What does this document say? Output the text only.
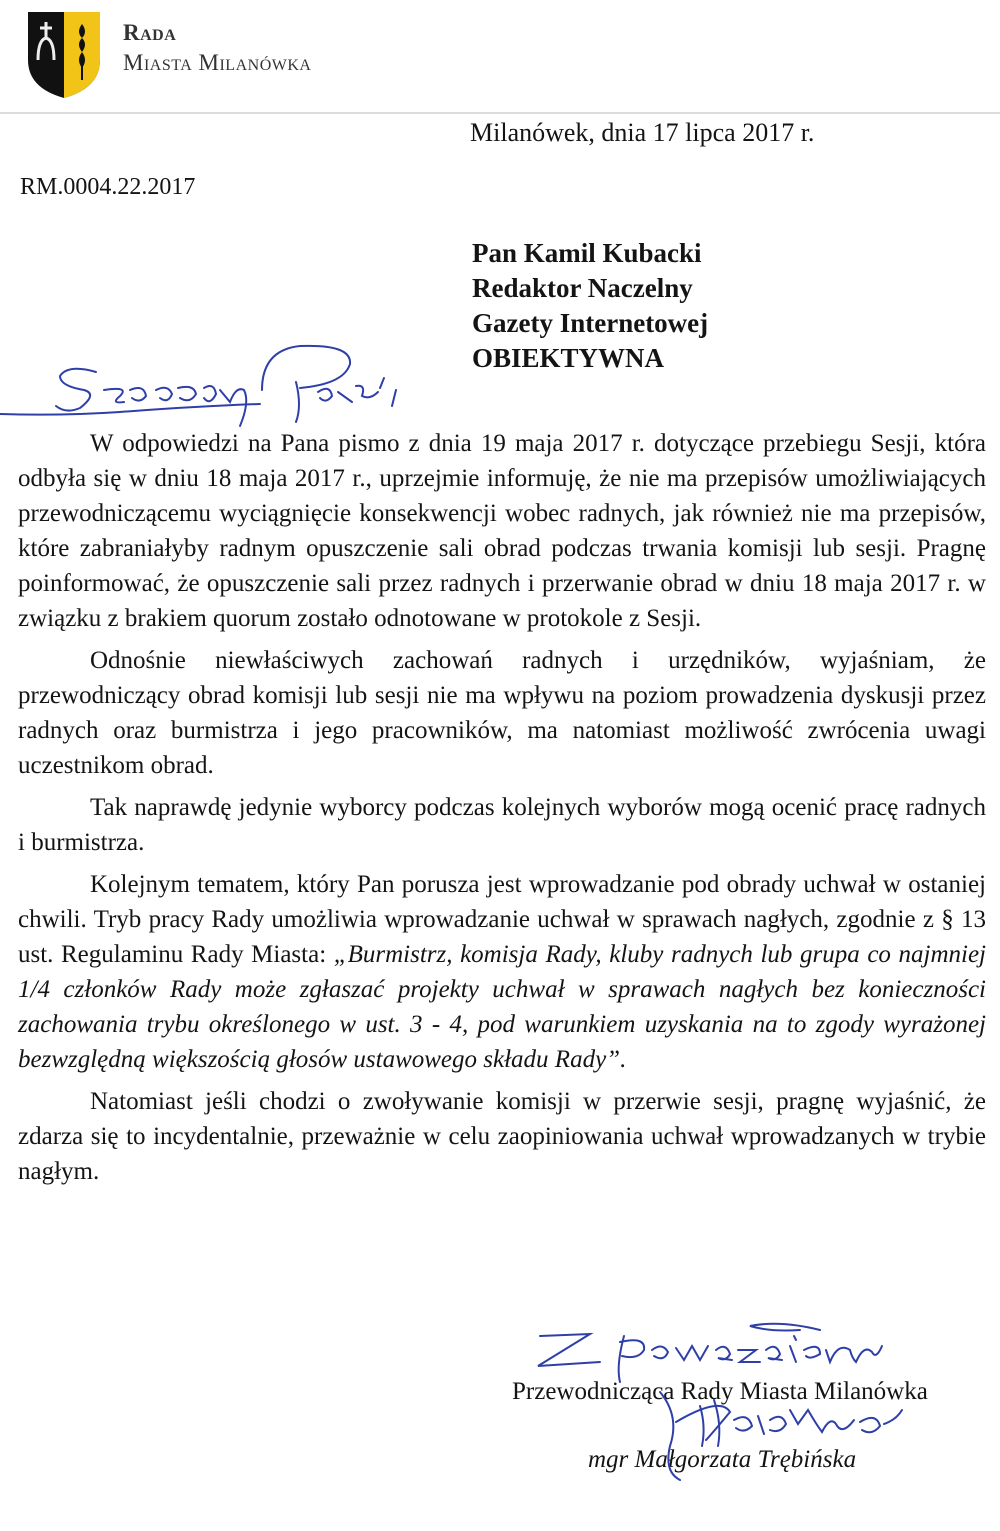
Rada
Miasta Milanówka
Milanówek, dnia 17 lipca 2017 r.
RM.0004.22.2017
Pan Kamil Kubacki
Redaktor Naczelny
Gazety Internetowej
OBIEKTYWNA

W odpowiedzi na Pana pismo z dnia 19 maja 2017 r. dotyczące przebiegu Sesji, która odbyła się w dniu 18 maja 2017 r., uprzejmie informuję, że nie ma przepisów umożliwiających przewodniczącemu wyciągnięcie konsekwencji wobec radnych, jak również nie ma przepisów, które zabraniałyby radnym opuszczenie sali obrad podczas trwania komisji lub sesji. Pragnę poinformować, że opuszczenie sali przez radnych i przerwanie obrad w dniu 18 maja 2017 r. w związku z brakiem quorum zostało odnotowane w protokole z Sesji.

Odnośnie niewłaściwych zachowań radnych i urzędników, wyjaśniam, że przewodniczący obrad komisji lub sesji nie ma wpływu na poziom prowadzenia dyskusji przez radnych oraz burmistrza i jego pracowników, ma natomiast możliwość zwrócenia uwagi uczestnikom obrad.

Tak naprawdę jedynie wyborcy podczas kolejnych wyborów mogą ocenić pracę radnych i burmistrza.

Kolejnym tematem, który Pan porusza jest wprowadzanie pod obrady uchwał w ostaniej chwili. Tryb pracy Rady umożliwia wprowadzanie uchwał w sprawach nagłych, zgodnie z § 13 ust. Regulaminu Rady Miasta: „Burmistrz, komisja Rady, kluby radnych lub grupa co najmniej 1/4 członków Rady może zgłaszać projekty uchwał w sprawach nagłych bez konieczności zachowania trybu określonego w ust. 3 - 4, pod warunkiem uzyskania na to zgody wyrażonej bezwzględną większością głosów ustawowego składu Rady”.

Natomiast jeśli chodzi o zwoływanie komisji w przerwie sesji, pragnę wyjaśnić, że zdarza się to incydentalnie, przeważnie w celu zaopiniowania uchwał wprowadzanych w trybie nagłym.

Przewodnicząca Rady Miasta Milanówka
mgr Małgorzata Trębińska
